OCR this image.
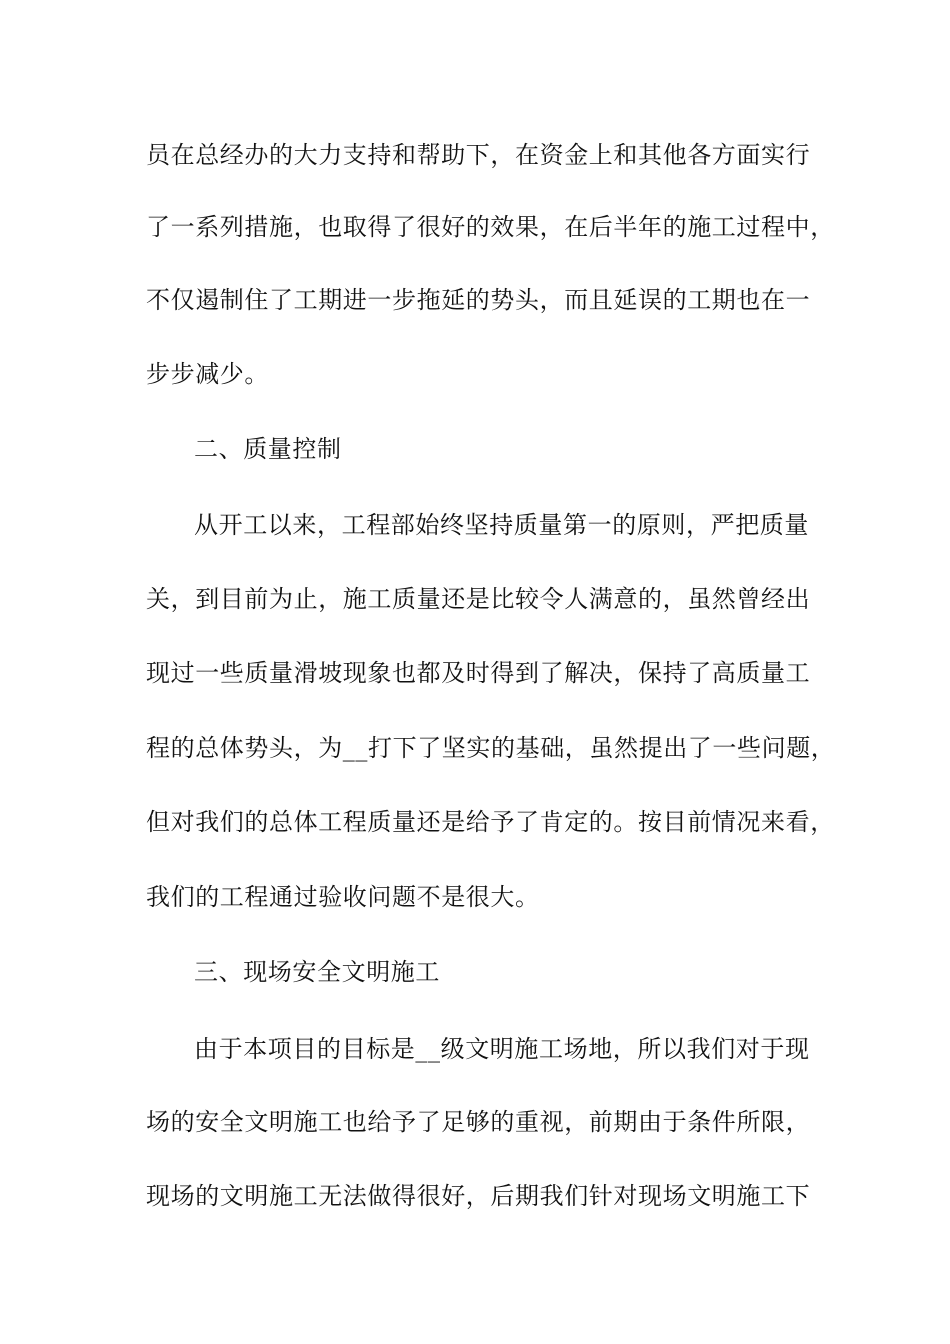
员在总经办的大力支持和帮助下，在资金上和其他各方面实行
了一系列措施，也取得了很好的效果，在后半年的施工过程中，
不仅遏制住了工期进一步拖延的势头，而且延误的工期也在一
步步减少。
二、质量控制
从开工以来，工程部始终坚持质量第一的原则，严把质量
关，到目前为止，施工质量还是比较令人满意的，虽然曾经出
现过一些质量滑坡现象也都及时得到了解决，保持了高质量工
程的总体势头，为__打下了坚实的基础，虽然提出了一些问题，
但对我们的总体工程质量还是给予了肯定的。按目前情况来看，
我们的工程通过验收问题不是很大。
三、现场安全文明施工
由于本项目的目标是__级文明施工场地，所以我们对于现
场的安全文明施工也给予了足够的重视，前期由于条件所限，
现场的文明施工无法做得很好，后期我们针对现场文明施工下
